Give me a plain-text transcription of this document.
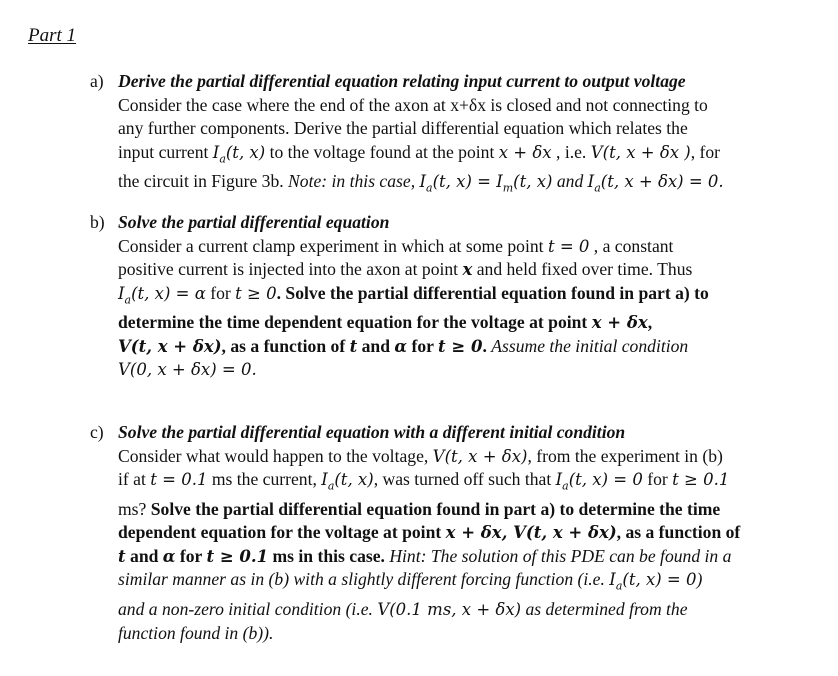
Part 1
a) Derive the partial differential equation relating input current to output voltage
Consider the case where the end of the axon at x+δx is closed and not connecting to
any further components. Derive the partial differential equation which relates the
input current $I_a(t$, x) to the voltage found at the point x + δx , i.e. V(t, x + δx ), for
the circuit in Figure 3b. Note: in this case, $I_a(t$, $x) = I_m(t$, x) and $I_a(t$, x + δx) = 0.
b) Solve the partial differential equation
Consider a current clamp experiment in which at some point t = 0 , a constant
positive current is injected into the axon at point x and held fixed over time. Thus
$I_a(t$, x) = α for t ≥ 0. Solve the partial differential equation found in part a) to
determine the time dependent equation for the voltage at point x + δx,
V(t, x + δx), as a function of t and α for t ≥ 0. Assume the initial condition
V(0, x + δx) = 0.
c) Solve the partial differential equation with a different initial condition
Consider what would happen to the voltage, V(t, x + δx), from the experiment in (b)
if at t = 0.1 ms the current, $I_a(t$, x), was turned off such that $I_a(t$, x) = 0 for t ≥ 0.1
ms? Solve the partial differential equation found in part a) to determine the time
dependent equation for the voltage at point x + δx, V(t, x + δx), as a function of
t and α for t ≥ 0.1 ms in this case. Hint: The solution of this PDE can be found in a
similar manner as in (b) with a slightly different forcing function (i.e. $I_a(t$, x) = 0)
and a non-zero initial condition (i.e. V(0.1 ms, x + δx) as determined from the
function found in (b)).
